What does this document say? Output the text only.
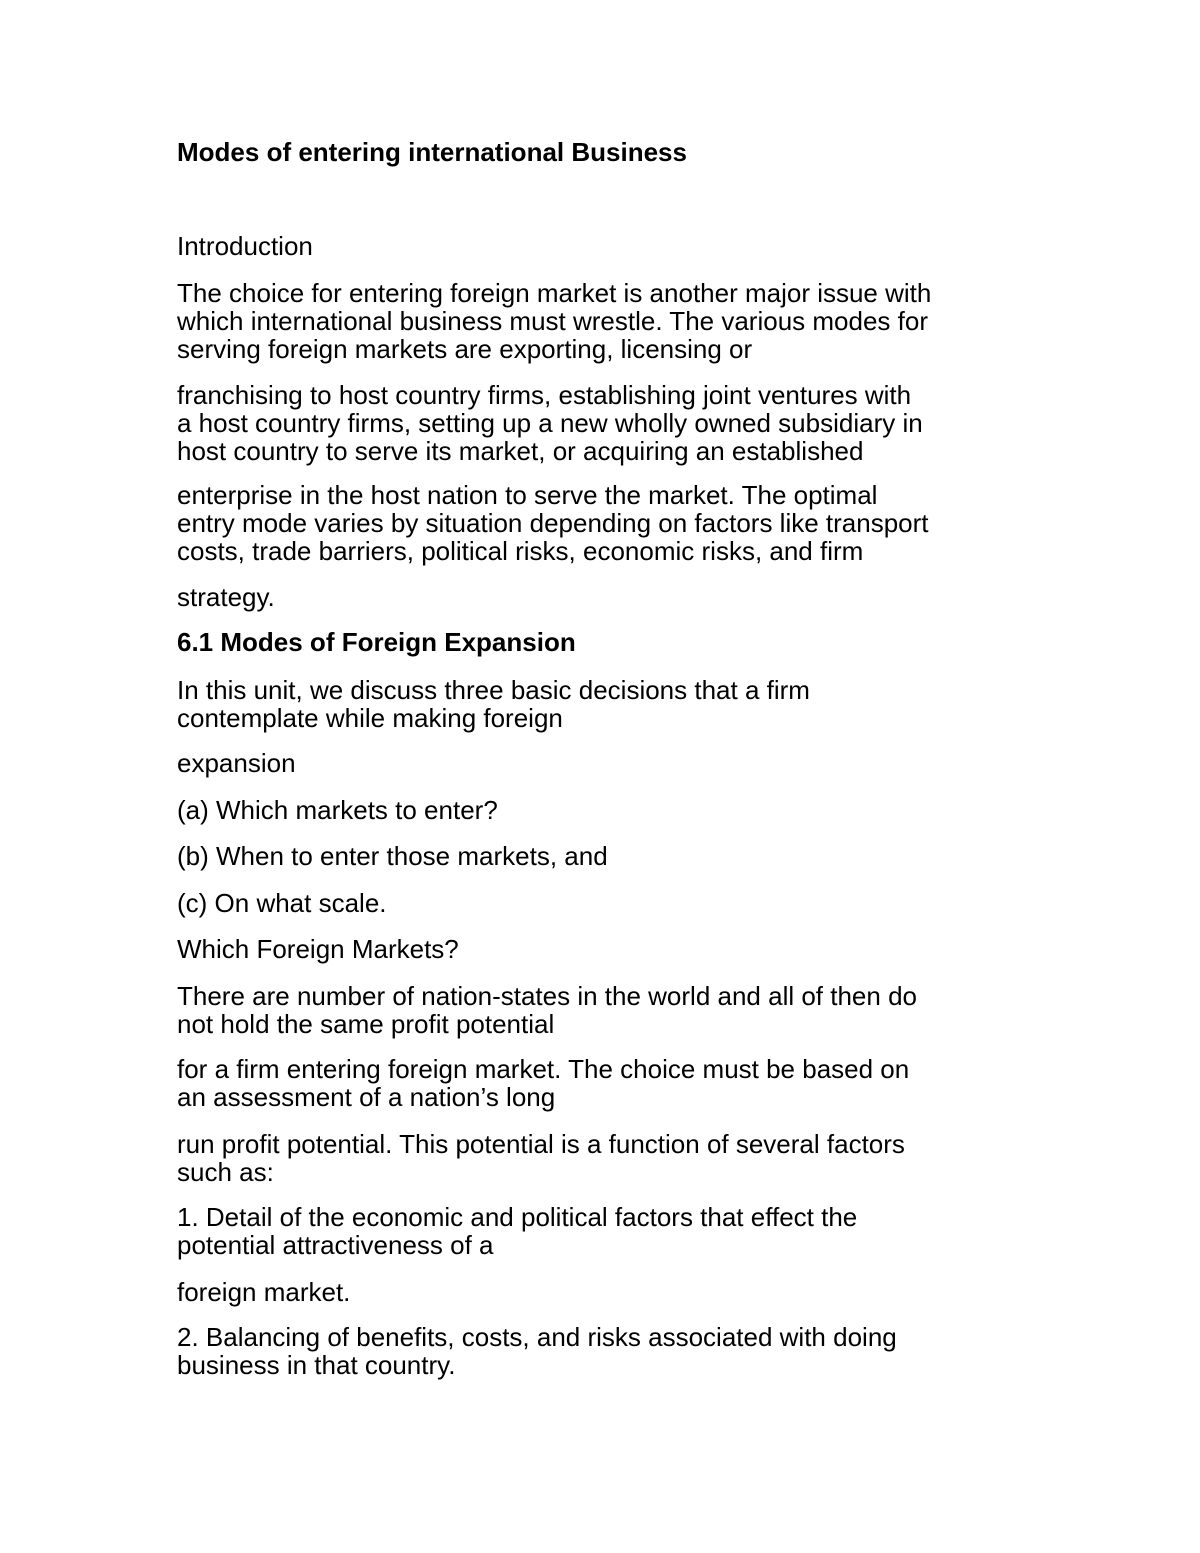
Modes of entering international Business

Introduction

The choice for entering foreign market is another major issue with
which international business must wrestle. The various modes for
serving foreign markets are exporting, licensing or

franchising to host country firms, establishing joint ventures with
a host country firms, setting up a new wholly owned subsidiary in
host country to serve its market, or acquiring an established

enterprise in the host nation to serve the market. The optimal
entry mode varies by situation depending on factors like transport
costs, trade barriers, political risks, economic risks, and firm

strategy.

6.1 Modes of Foreign Expansion

In this unit, we discuss three basic decisions that a firm
contemplate while making foreign

expansion

(a) Which markets to enter?

(b) When to enter those markets, and

(c) On what scale.

Which Foreign Markets?

There are number of nation-states in the world and all of then do
not hold the same profit potential

for a firm entering foreign market. The choice must be based on
an assessment of a nation’s long

run profit potential. This potential is a function of several factors
such as:

1. Detail of the economic and political factors that effect the
potential attractiveness of a

foreign market.

2. Balancing of benefits, costs, and risks associated with doing
business in that country.
